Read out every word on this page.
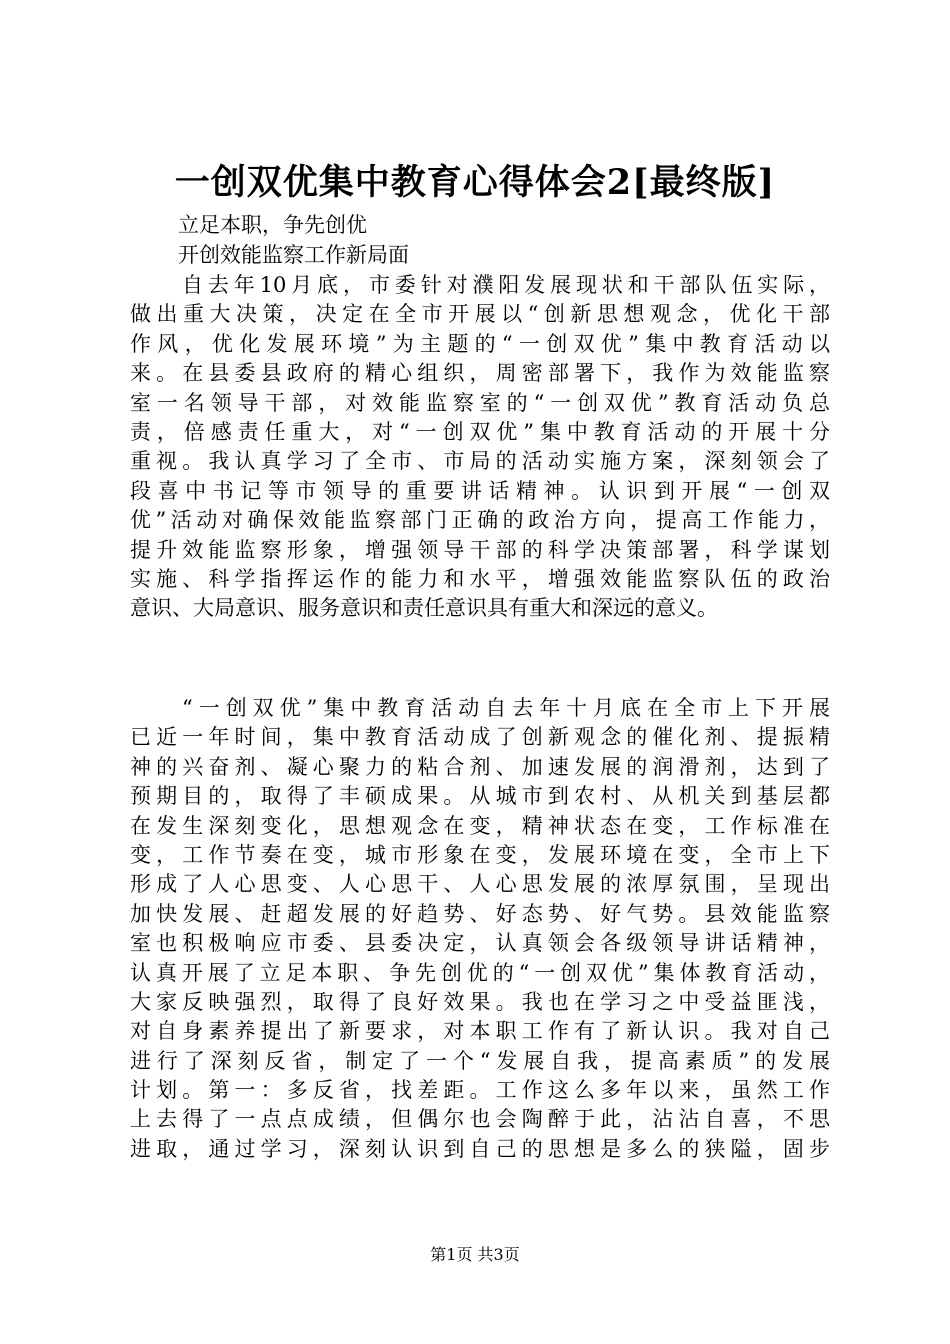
一创双优集中教育心得体会2[最终版]
立足本职，争先创优
开创效能监察工作新局面
自去年10月底，市委针对濮阳发展现状和干部队伍实际，
做出重大决策，决定在全市开展以“创新思想观念，优化干部
作风，优化发展环境”为主题的“一创双优”集中教育活动以
来。在县委县政府的精心组织，周密部署下，我作为效能监察
室一名领导干部，对效能监察室的“一创双优”教育活动负总
责，倍感责任重大，对“一创双优”集中教育活动的开展十分
重视。我认真学习了全市、市局的活动实施方案，深刻领会了
段喜中书记等市领导的重要讲话精神。认识到开展“一创双
优”活动对确保效能监察部门正确的政治方向，提高工作能力，
提升效能监察形象，增强领导干部的科学决策部署，科学谋划
实施、科学指挥运作的能力和水平，增强效能监察队伍的政治
意识、大局意识、服务意识和责任意识具有重大和深远的意义。
“一创双优”集中教育活动自去年十月底在全市上下开展
已近一年时间，集中教育活动成了创新观念的催化剂、提振精
神的兴奋剂、凝心聚力的粘合剂、加速发展的润滑剂，达到了
预期目的，取得了丰硕成果。从城市到农村、从机关到基层都
在发生深刻变化，思想观念在变，精神状态在变，工作标准在
变，工作节奏在变，城市形象在变，发展环境在变，全市上下
形成了人心思变、人心思干、人心思发展的浓厚氛围，呈现出
加快发展、赶超发展的好趋势、好态势、好气势。县效能监察
室也积极响应市委、县委决定，认真领会各级领导讲话精神，
认真开展了立足本职、争先创优的“一创双优”集体教育活动，
大家反映强烈，取得了良好效果。我也在学习之中受益匪浅，
对自身素养提出了新要求，对本职工作有了新认识。我对自己
进行了深刻反省，制定了一个“发展自我，提高素质”的发展
计划。第一：多反省，找差距。工作这么多年以来，虽然工作
上去得了一点点成绩，但偶尔也会陶醉于此，沾沾自喜，不思
进取，通过学习，深刻认识到自己的思想是多么的狭隘，固步
第1页 共3页
